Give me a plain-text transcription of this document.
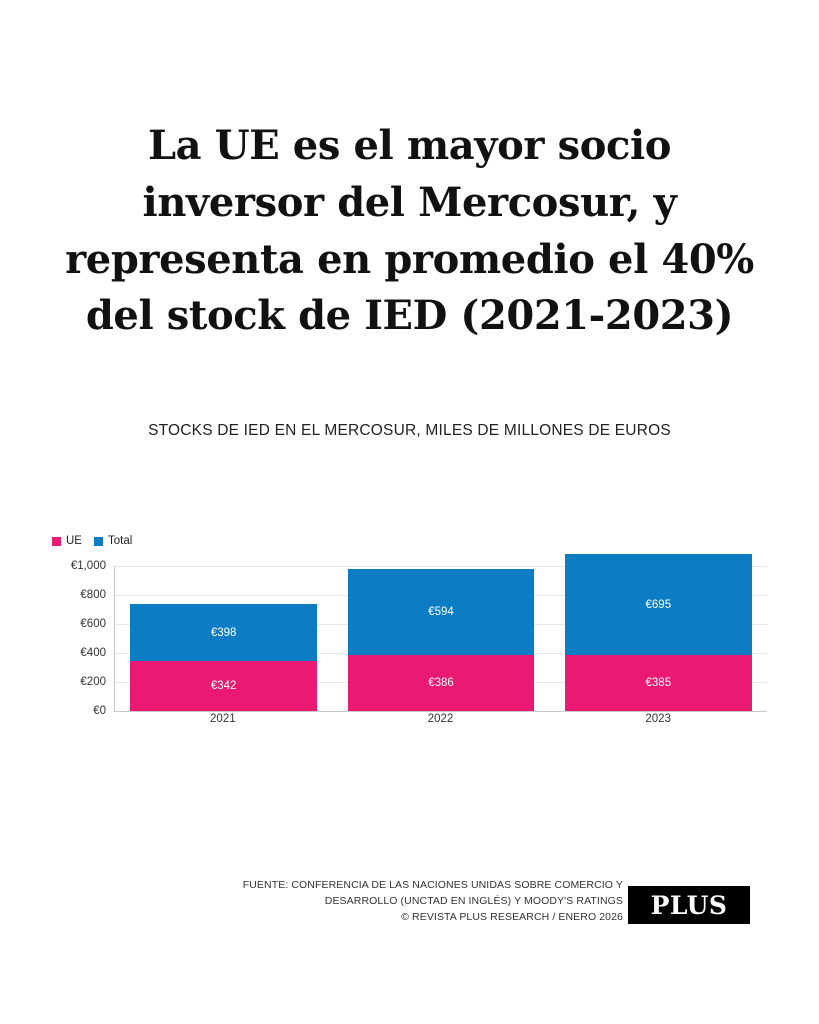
La UE es el mayor socio inversor del Mercosur, y representa en promedio el 40% del stock de IED (2021-2023)
STOCKS DE IED EN EL MERCOSUR, MILES DE MILLONES DE EUROS
UE Total
€0
€200
€400
€600
€800
€1,000
€398
€342
€594
€386
€695
€385
2021	2022	2023
FUENTE: CONFERENCIA DE LAS NACIONES UNIDAS SOBRE COMERCIO Y
DESARROLLO (UNCTAD EN INGLÉS) Y MOODY'S RATINGS
© REVISTA PLUS RESEARCH / ENERO 2026 PLUS
